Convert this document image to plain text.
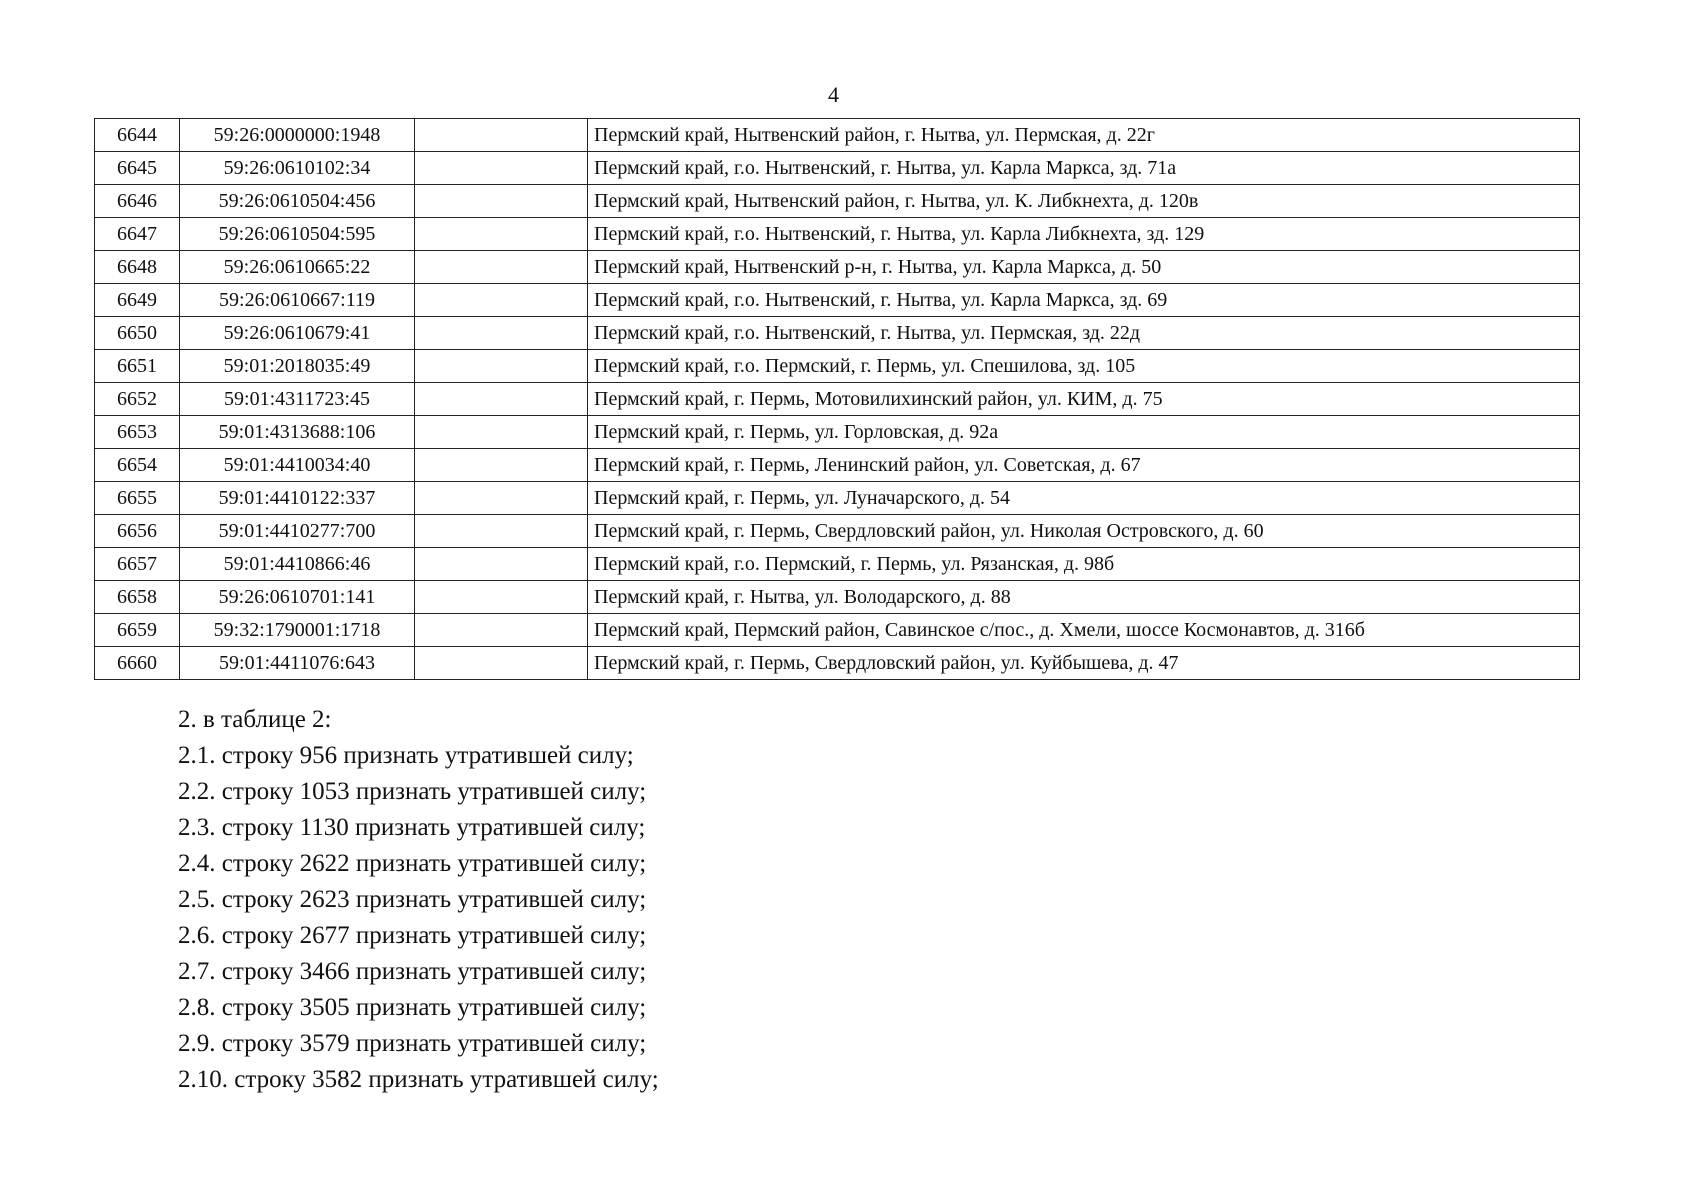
4
6644	59:26:0000000:1948		Пермский край, Нытвенский район, г. Нытва, ул. Пермская, д. 22г
6645	59:26:0610102:34		Пермский край, г.о. Нытвенский, г. Нытва, ул. Карла Маркса, зд. 71а
6646	59:26:0610504:456		Пермский край, Нытвенский район, г. Нытва, ул. К. Либкнехта, д. 120в
6647	59:26:0610504:595		Пермский край, г.о. Нытвенский, г. Нытва, ул. Карла Либкнехта, зд. 129
6648	59:26:0610665:22		Пермский край, Нытвенский р-н, г. Нытва, ул. Карла Маркса, д. 50
6649	59:26:0610667:119		Пермский край, г.о. Нытвенский, г. Нытва, ул. Карла Маркса, зд. 69
6650	59:26:0610679:41		Пермский край, г.о. Нытвенский, г. Нытва, ул. Пермская, зд. 22д
6651	59:01:2018035:49		Пермский край, г.о. Пермский, г. Пермь, ул. Спешилова, зд. 105
6652	59:01:4311723:45		Пермский край, г. Пермь, Мотовилихинский район, ул. КИМ, д. 75
6653	59:01:4313688:106		Пермский край, г. Пермь, ул. Горловская, д. 92а
6654	59:01:4410034:40		Пермский край, г. Пермь, Ленинский район, ул. Советская, д. 67
6655	59:01:4410122:337		Пермский край, г. Пермь, ул. Луначарского, д. 54
6656	59:01:4410277:700		Пермский край, г. Пермь, Свердловский район, ул. Николая Островского, д. 60
6657	59:01:4410866:46		Пермский край, г.о. Пермский, г. Пермь, ул. Рязанская, д. 98б
6658	59:26:0610701:141		Пермский край, г. Нытва, ул. Володарского, д. 88
6659	59:32:1790001:1718		Пермский край, Пермский район, Савинское с/пос., д. Хмели, шоссе Космонавтов, д. 316б
6660	59:01:4411076:643		Пермский край, г. Пермь, Свердловский район, ул. Куйбышева, д. 47
2. в таблице 2:
2.1. строку 956 признать утратившей силу;
2.2. строку 1053 признать утратившей силу;
2.3. строку 1130 признать утратившей силу;
2.4. строку 2622 признать утратившей силу;
2.5. строку 2623 признать утратившей силу;
2.6. строку 2677 признать утратившей силу;
2.7. строку 3466 признать утратившей силу;
2.8. строку 3505 признать утратившей силу;
2.9. строку 3579 признать утратившей силу;
2.10. строку 3582 признать утратившей силу;
